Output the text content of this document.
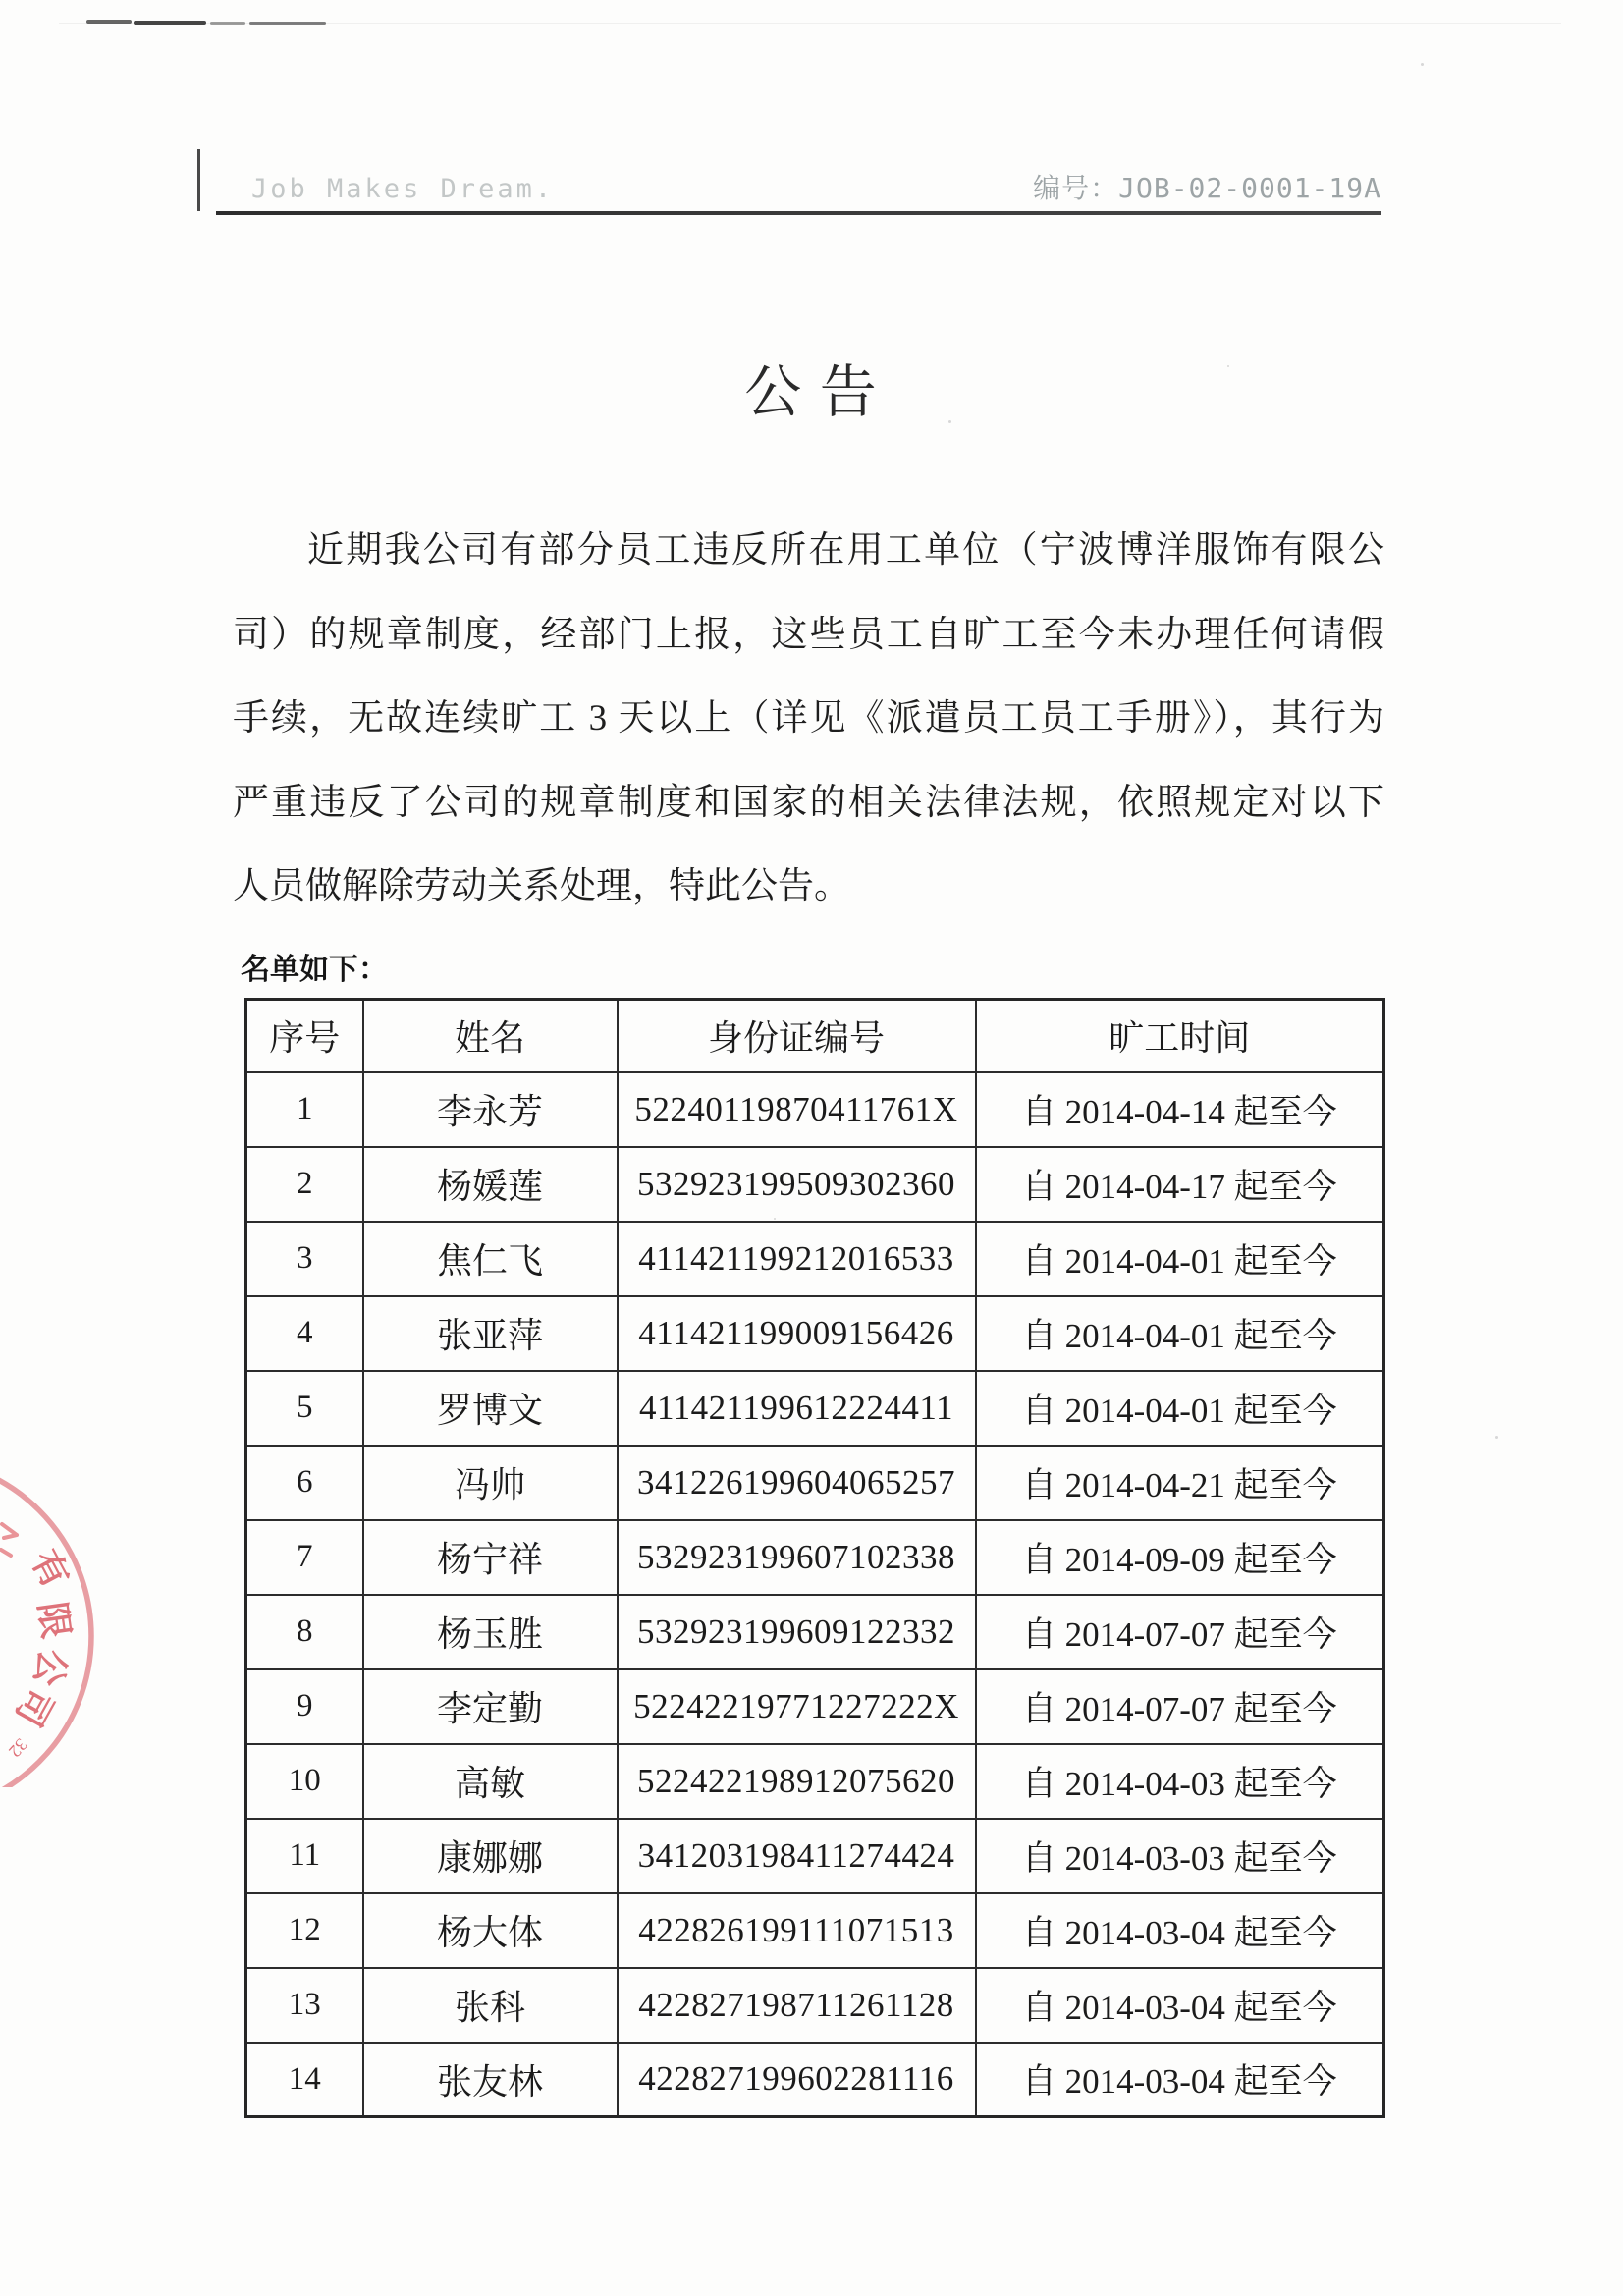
Job Makes Dream.	编号：JOB-02-0001-19A
公 告
近期我公司有部分员工违反所在用工单位（宁波博洋服饰有限公
司）的规章制度，经部门上报，这些员工自旷工至今未办理任何请假
手续，无故连续旷工 3 天以上（详见《派遣员工员工手册》），其行为
严重违反了公司的规章制度和国家的相关法律法规，依照规定对以下
人员做解除劳动关系处理，特此公告。
名单如下：
序号	姓名	身份证编号	旷工时间
1	李永芳	52240119870411761X	自 2014-04-14 起至今
2	杨媛莲	532923199509302360	自 2014-04-17 起至今
3	焦仁飞	411421199212016533	自 2014-04-01 起至今
4	张亚萍	411421199009156426	自 2014-04-01 起至今
5	罗博文	411421199612224411	自 2014-04-01 起至今
6	冯帅	341226199604065257	自 2014-04-21 起至今
7	杨宁祥	532923199607102338	自 2014-09-09 起至今
8	杨玉胜	532923199609122332	自 2014-07-07 起至今
9	李定勤	52242219771227222X	自 2014-07-07 起至今
10	高敏	522422198912075620	自 2014-04-03 起至今
11	康娜娜	341203198411274424	自 2014-03-03 起至今
12	杨大体	422826199111071513	自 2014-03-04 起至今
13	张科	422827198711261128	自 2014-03-04 起至今
14	张友林	422827199602281116	自 2014-03-04 起至今
有
限
公
司
32
